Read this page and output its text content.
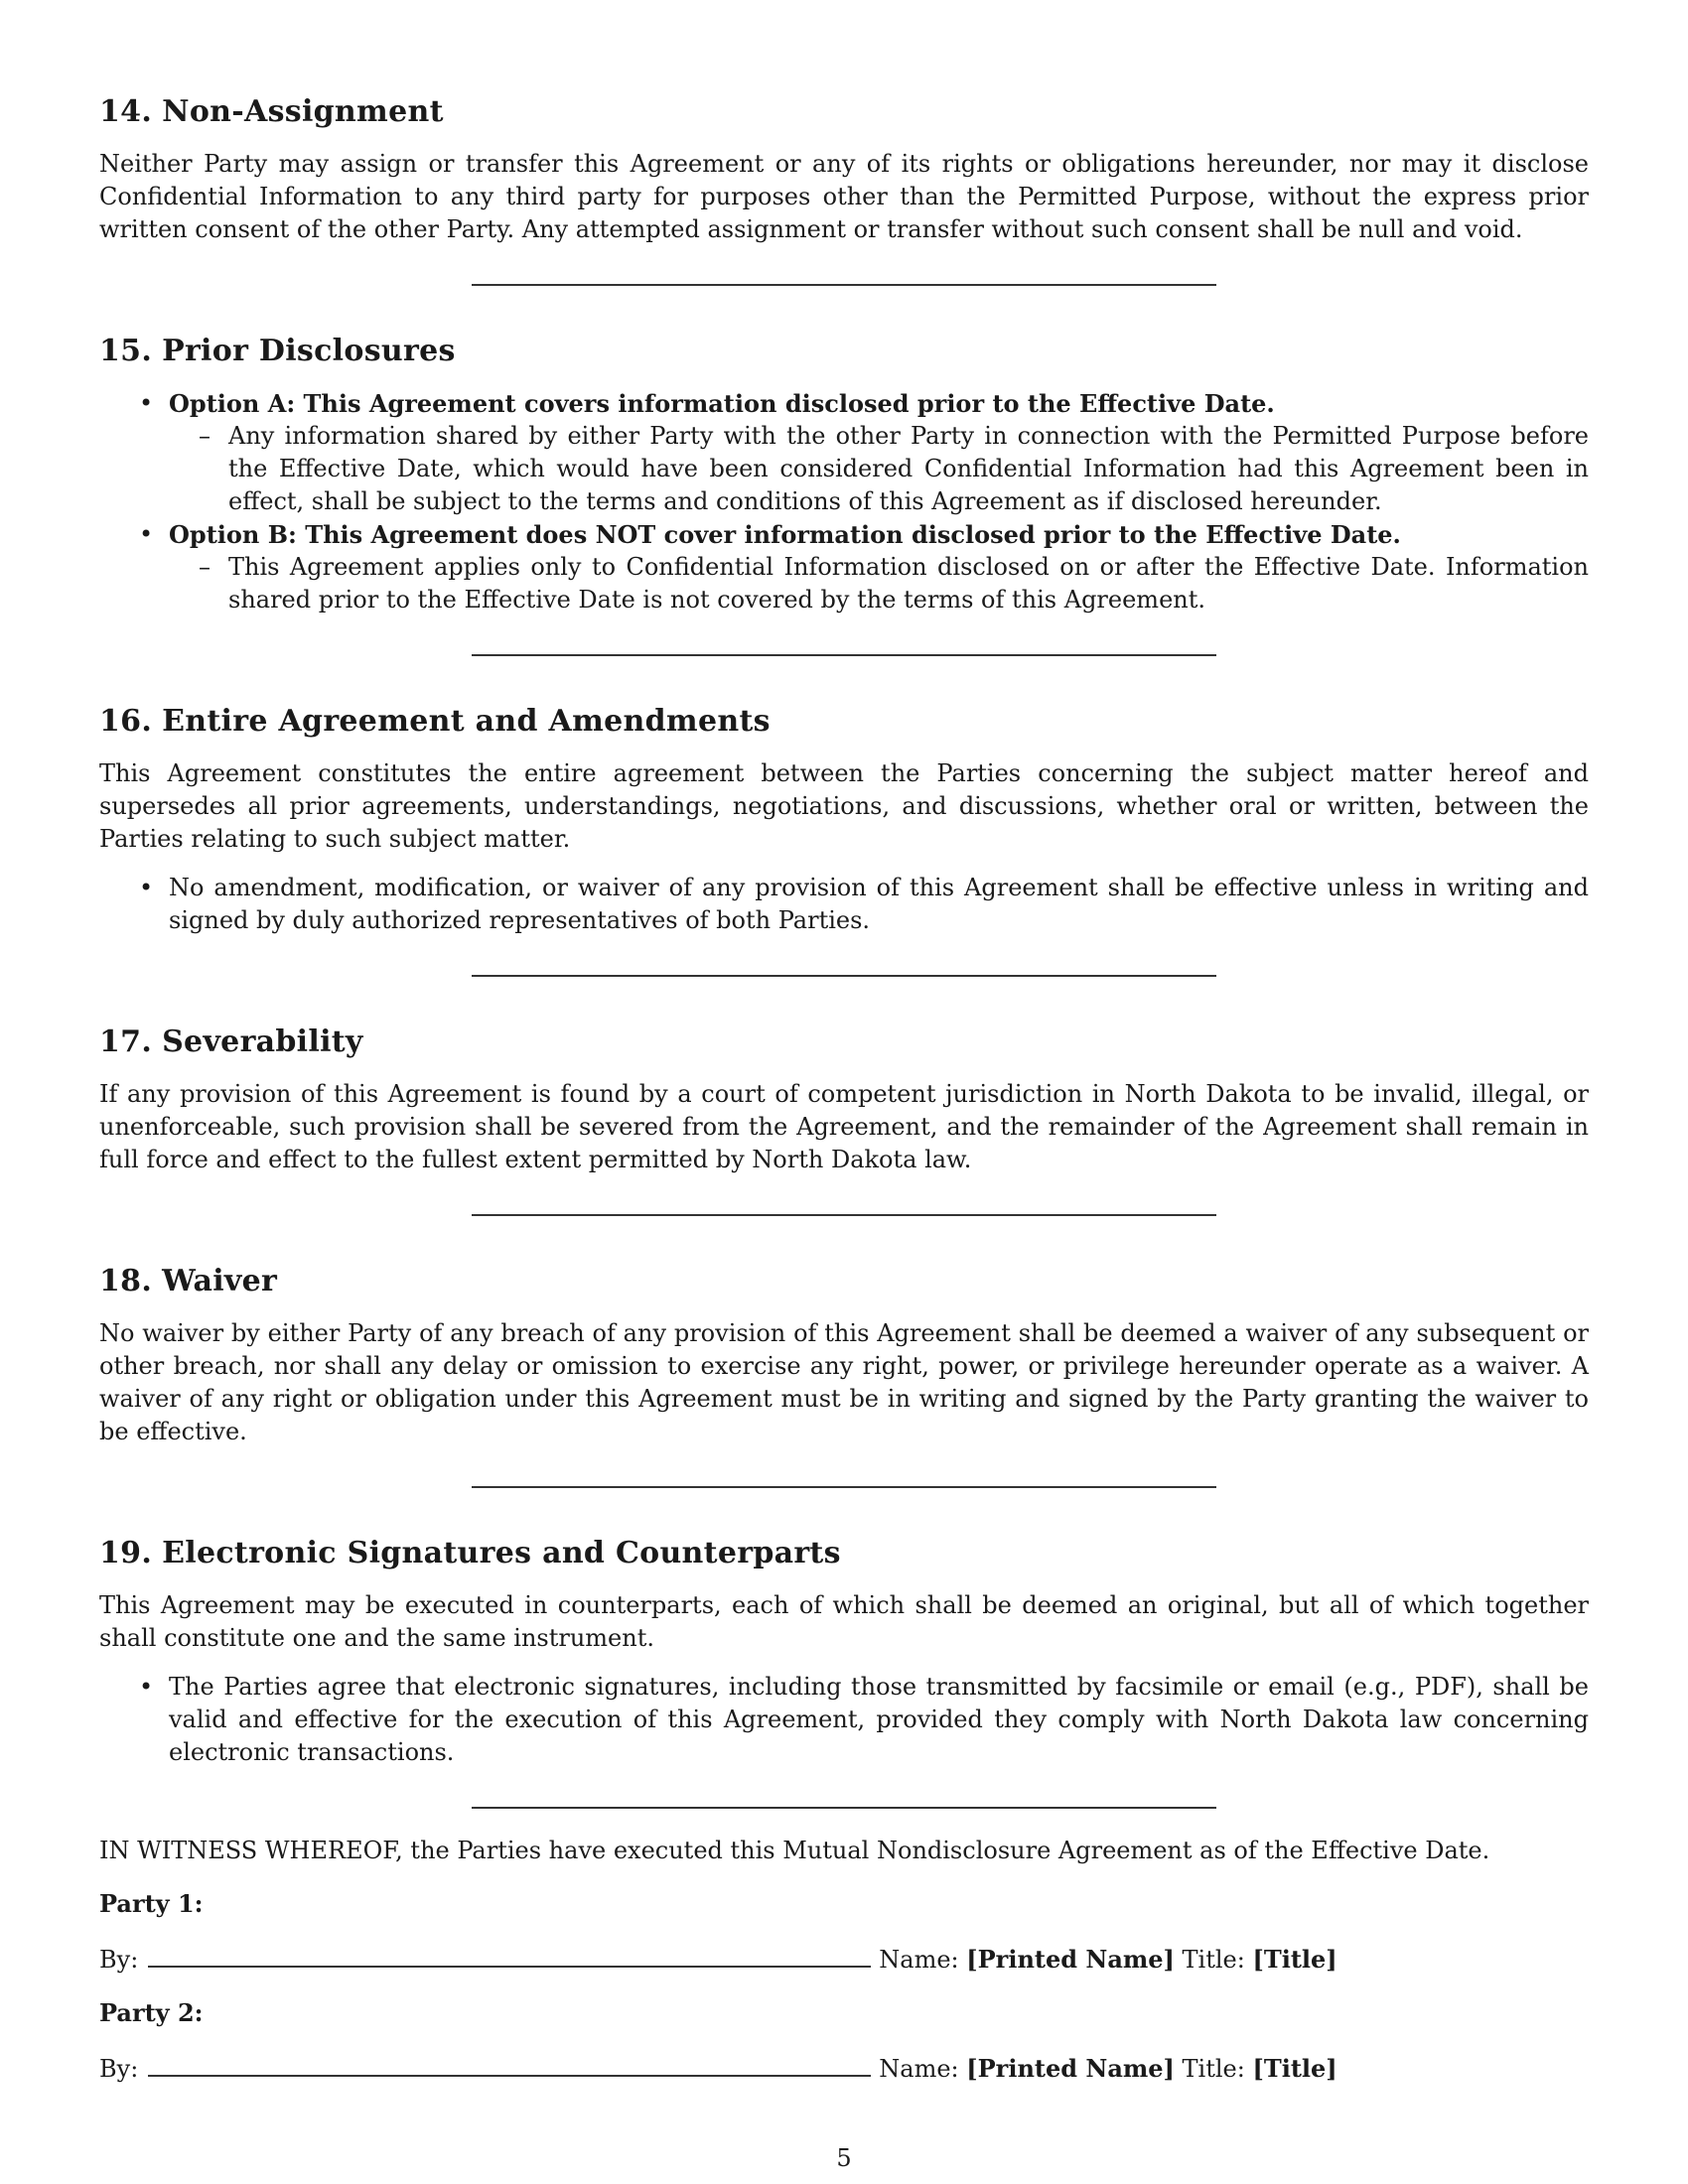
14. Non-Assignment

Neither Party may assign or transfer this Agreement or any of its rights or obligations hereunder, nor may it disclose Confidential Information to any third party for purposes other than the Permitted Purpose, without the express prior written consent of the other Party. Any attempted assignment or transfer without such consent shall be null and void.

15. Prior Disclosures
• Option A: This Agreement covers information disclosed prior to the Effective Date.
– Any information shared by either Party with the other Party in connection with the Permitted Purpose before the Effective Date, which would have been considered Confidential Information had this Agreement been in effect, shall be subject to the terms and conditions of this Agreement as if disclosed hereunder.
• Option B: This Agreement does NOT cover information disclosed prior to the Effective Date.
– This Agreement applies only to Confidential Information disclosed on or after the Effective Date. Information shared prior to the Effective Date is not covered by the terms of this Agreement.
16. Entire Agreement and Amendments

This Agreement constitutes the entire agreement between the Parties concerning the subject matter hereof and supersedes all prior agreements, understandings, negotiations, and discussions, whether oral or written, between the Parties relating to such subject matter.

• No amendment, modification, or waiver of any provision of this Agreement shall be effective unless in writing and signed by duly authorized representatives of both Parties.
17. Severability

If any provision of this Agreement is found by a court of competent jurisdiction in North Dakota to be invalid, illegal, or unenforceable, such provision shall be severed from the Agreement, and the remainder of the Agreement shall remain in full force and effect to the fullest extent permitted by North Dakota law.

18. Waiver

No waiver by either Party of any breach of any provision of this Agreement shall be deemed a waiver of any subsequent or other breach, nor shall any delay or omission to exercise any right, power, or privilege hereunder operate as a waiver. A waiver of any right or obligation under this Agreement must be in writing and signed by the Party granting the waiver to be effective.

19. Electronic Signatures and Counterparts

This Agreement may be executed in counterparts, each of which shall be deemed an original, but all of which together shall constitute one and the same instrument.

• The Parties agree that electronic signatures, including those transmitted by facsimile or email (e.g., PDF), shall be valid and effective for the execution of this Agreement, provided they comply with North Dakota law concerning electronic transactions.

IN WITNESS WHEREOF, the Parties have executed this Mutual Nondisclosure Agreement as of the Effective Date.

Party 1:
By:	Name:
[Printed Name]
Title:
[Title]
Party 2:
By:	Name:
[Printed Name]
Title:
[Title]
5
